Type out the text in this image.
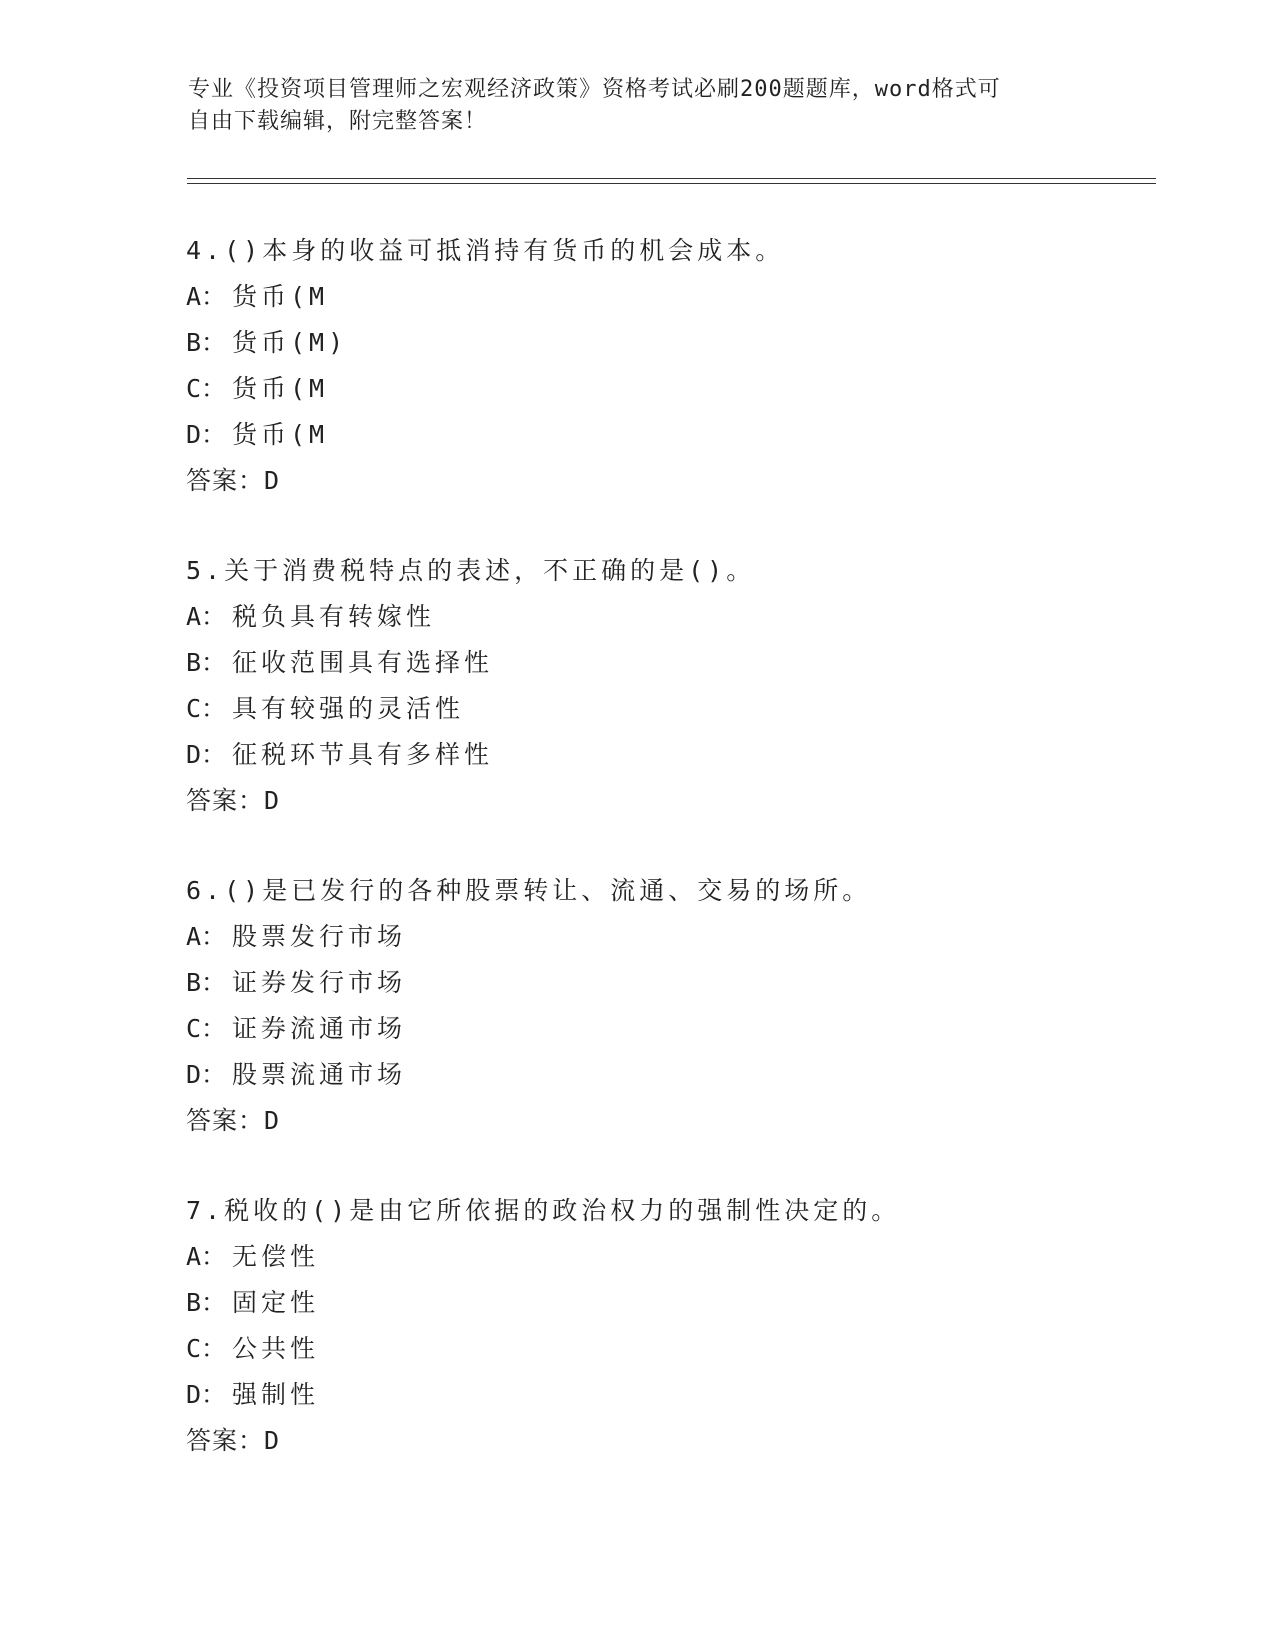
专业《投资项目管理师之宏观经济政策》资格考试必刷200题题库，word格式可
自由下载编辑，附完整答案！
4.()本身的收益可抵消持有货币的机会成本。
A： 货币(M
B： 货币(M)
C： 货币(M
D： 货币(M
答案：D
5.关于消费税特点的表述，不正确的是()。
A： 税负具有转嫁性
B： 征收范围具有选择性
C： 具有较强的灵活性
D： 征税环节具有多样性
答案：D
6.()是已发行的各种股票转让、流通、交易的场所。
A： 股票发行市场
B： 证券发行市场
C： 证券流通市场
D： 股票流通市场
答案：D
7.税收的()是由它所依据的政治权力的强制性决定的。
A： 无偿性
B： 固定性
C： 公共性
D： 强制性
答案：D
